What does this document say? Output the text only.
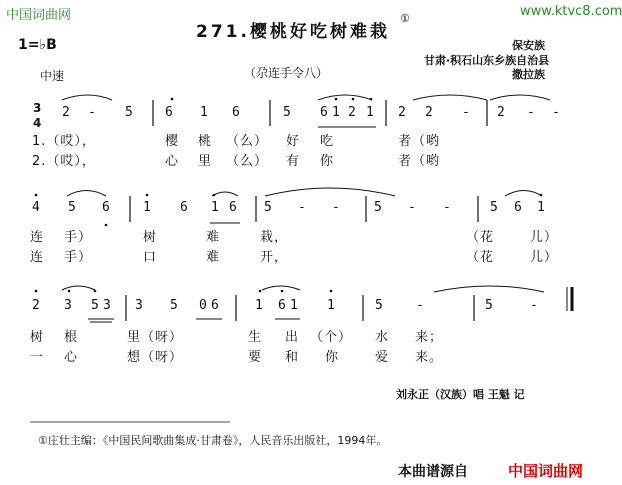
中国词曲网	www.ktvc8.com
271.樱桃好吃树难栽
①
1=♭B
中速	（尕连手令八）
保安族
甘肃·积石山东乡族自治县
撒拉族
3
4
2 ‑ 5 6 1 6	5 6 1 2 1 2 2 ‑ 2 ‑ ‑
1.（哎），	樱 桃 （么） 好 吃	者（哟
2.（哎），	心 里 （么） 有 你	者（哟
4 5 6	1 6 1 6 5 ‑ ‑	5 ‑ ‑	5 6 1
连 手）	树	难	栽，	（花	儿）
连 手）	口	难	开，	（花	儿）
2 3 5 3 3 5 0 6	1 6 1 1	5	‑	5	‑
树 根	里（呀）	生 出 （个） 水 来；
一 心	想（呀）	要 和 你	爱 来。
刘永正（汉族）唱 王魁 记
①庄壮主编：《中国民间歌曲集成·甘肃卷》，人民音乐出版社，1994年。
本曲谱源自	中国词曲网
